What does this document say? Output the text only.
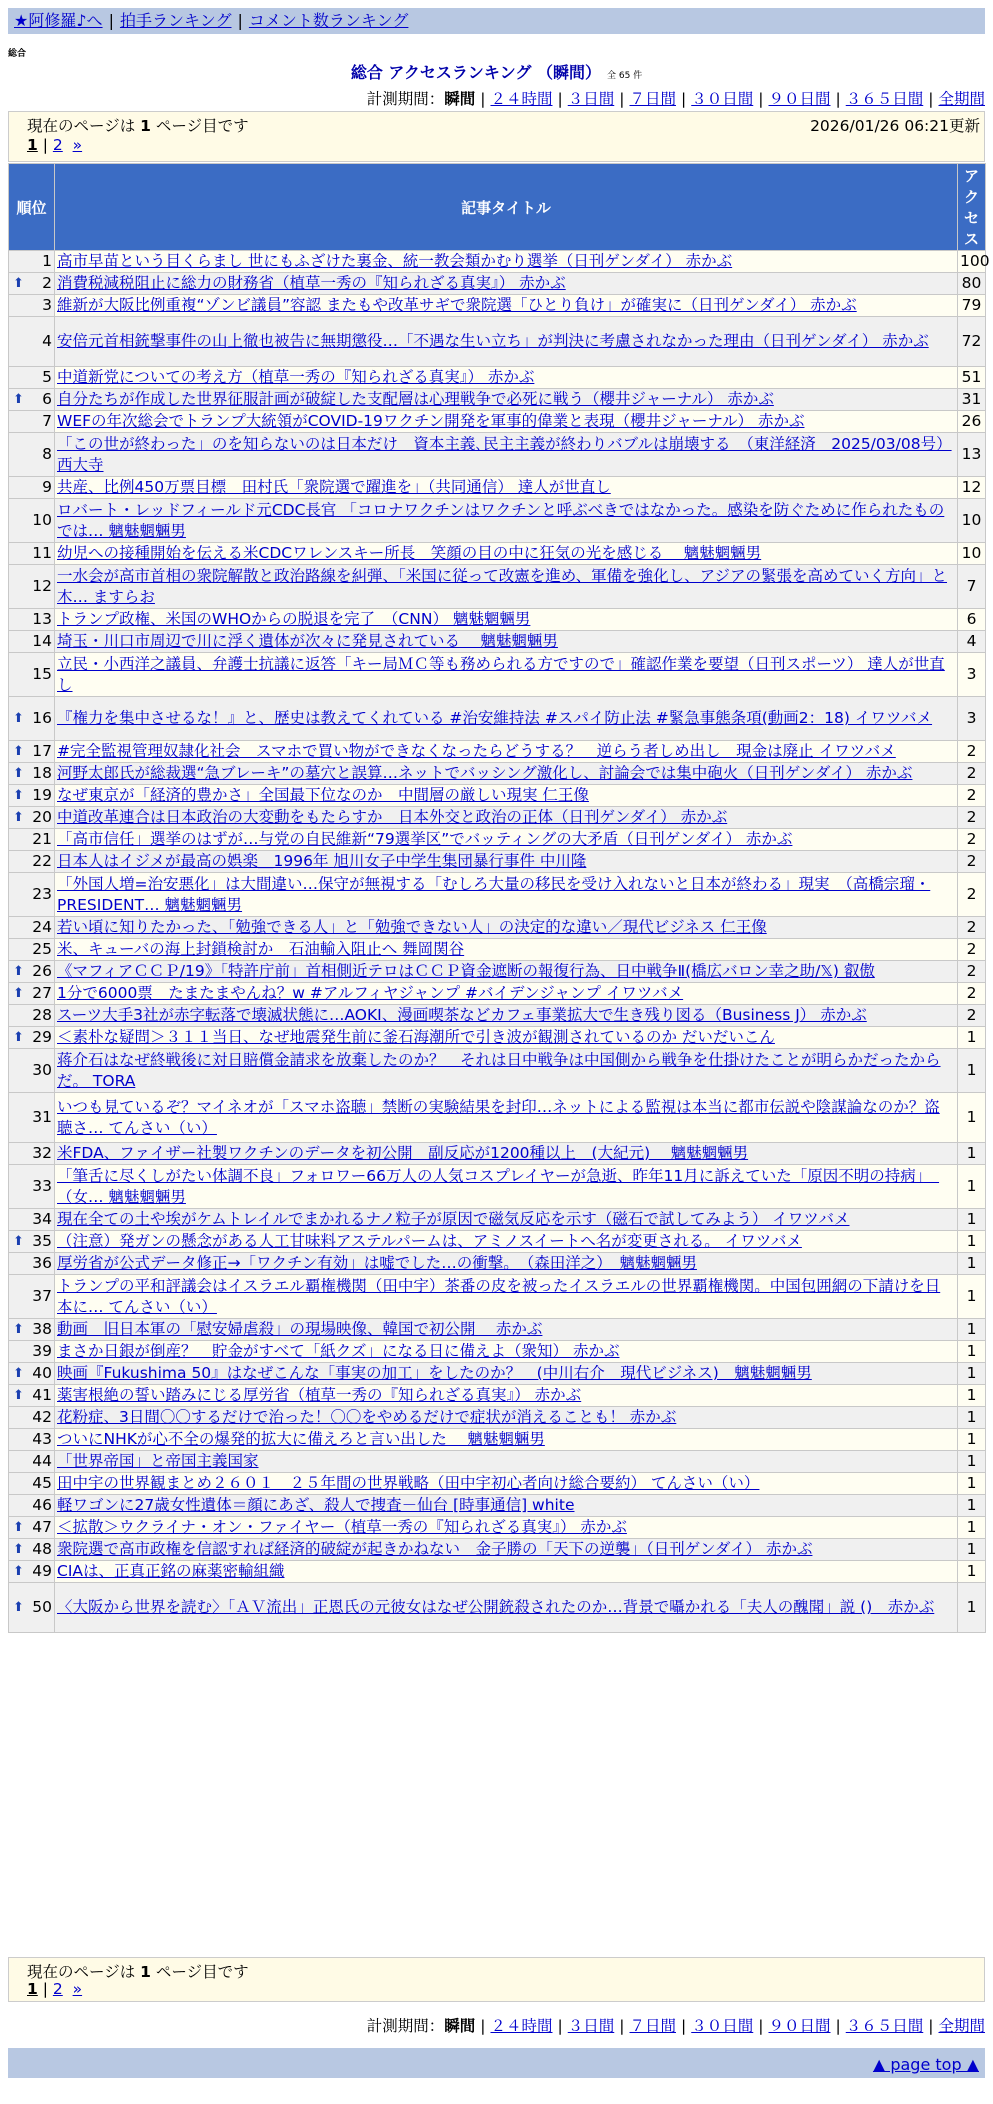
★阿修羅♪へ | 拍手ランキング | コメント数ランキング
総合
総合 アクセスランキング （瞬間） 全 65 件
計測期間：瞬間 | ２４時間 | ３日間 | ７日間 | ３０日間 | ９０日間 | ３６５日間 | 全期間
現在のページは 1 ページ目です	2026/01/26 06:21更新
1 | 2 »
順位	記事タイトル	アクセス
1	高市早苗という目くらまし 世にもふざけた裏金、統一教会類かむり選挙（日刊ゲンダイ） 赤かぶ	100

⬆ 2	消費税減税阻止に総力の財務省（植草一秀の『知られざる真実』） 赤かぶ	80
3	維新が大阪比例重複“ゾンビ議員”容認 またもや改革サギで衆院選「ひとり負け」が確実に（日刊ゲンダイ） 赤かぶ	79
4	安倍元首相銃撃事件の山上徹也被告に無期懲役…「不遇な生い立ち」が判決に考慮されなかった理由（日刊ゲンダイ） 赤かぶ	72
5	中道新党についての考え方（植草一秀の『知られざる真実』） 赤かぶ	51

⬆ 6	自分たちが作成した世界征服計画が破綻した支配層は心理戦争で必死に戦う（櫻井ジャーナル） 赤かぶ	31
7	WEFの年次総会でトランプ大統領がCOVID-19ワクチン開発を軍事的偉業と表現（櫻井ジャーナル） 赤かぶ	26
8	「この世が終わった」のを知らないのは日本だけ　資本主義､民主主義が終わりバブルは崩壊する　（東洋経済　2025/03/08号） 西大寺	13
9	共産、比例450万票目標　田村氏「衆院選で躍進を」（共同通信） 達人が世直し	12
10	ロバート・レッドフィールド元CDC長官 「コロナワクチンはワクチンと呼ぶべきではなかった。感染を防ぐために作られたものでは… 魑魅魍魎男	10
11	幼児への接種開始を伝える米CDCワレンスキー所長　笑顔の目の中に狂気の光を感じる　 魑魅魍魎男	10
12	一水会が高市首相の衆院解散と政治路線を糾弾、「米国に従って改憲を進め、軍備を強化し、アジアの緊張を高めていく方向」と木… ますらお	7
13	トランプ政権、米国のWHOからの脱退を完了　（CNN） 魑魅魍魎男	6
14	埼玉・川口市周辺で川に浮く遺体が次々に発見されている　 魑魅魍魎男	4
15	立民・小西洋之議員、弁護士抗議に返答「キー局ＭＣ等も務められる方ですので」確認作業を要望（日刊スポーツ） 達人が世直し	3

⬆ 16	『権力を集中させるな！』と、歴史は教えてくれている #治安維持法 #スパイ防止法 #緊急事態条項(動画2：18) イワツバメ	3

⬆ 17	#完全監視管理奴隷化社会　スマホで買い物ができなくなったらどうする？　逆らう者しめ出し　現金は廃止 イワツバメ	2

⬆ 18	河野太郎氏が総裁選“急ブレーキ”の墓穴と誤算…ネットでバッシング激化し、討論会では集中砲火（日刊ゲンダイ） 赤かぶ	2

⬆ 19	なぜ東京が「経済的豊かさ」全国最下位なのか　中間層の厳しい現実 仁王像	2

⬆ 20	中道改革連合は日本政治の大変動をもたらすか　日本外交と政治の正体（日刊ゲンダイ） 赤かぶ	2
21	「高市信任」選挙のはずが…与党の自民維新“79選挙区”でバッティングの大矛盾（日刊ゲンダイ） 赤かぶ	2
22	日本人はイジメが最高の娯楽＿1996年 旭川女子中学生集団暴行事件 中川隆	2
23	「外国人増=治安悪化」は大間違い…保守が無視する「むしろ大量の移民を受け入れないと日本が終わる」現実　（高橋宗瑠・PRESIDENT… 魑魅魍魎男	2
24	若い頃に知りたかった、「勉強できる人」と「勉強できない人」の決定的な違い／現代ビジネス 仁王像	2
25	米、キューバの海上封鎖検討か　石油輸入阻止へ 舞岡関谷	2

⬆ 26	《マフィアＣＣＰ/19》「特許庁前」首相側近テロはＣＣＰ資金遮断の報復行為、日中戦争Ⅱ(橋広バロン幸之助/𝕏) 叡傲	2

⬆ 27	1分で6000票　たまたまやんね？w #アルフィヤジャンプ #バイデンジャンプ イワツバメ	2
28	スーツ大手3社が赤字転落で壊滅状態に…AOKI、漫画喫茶などカフェ事業拡大で生き残り図る（Business J） 赤かぶ	2

⬆ 29	＜素朴な疑問＞３１１当日、なぜ地震発生前に釜石海潮所で引き波が観測されているのか だいだいこん	1
30	蒋介石はなぜ終戦後に対日賠償金請求を放棄したのか？　それは日中戦争は中国側から戦争を仕掛けたことが明らかだったからだ。 TORA	1
31	いつも見ているぞ？マイネオが「スマホ盗聴」禁断の実験結果を封印…ネットによる監視は本当に都市伝説や陰謀論なのか？盗聴さ… てんさい（い）	1
32	米FDA、ファイザー社製ワクチンのデータを初公開　副反応が1200種以上　(大紀元)　 魑魅魍魎男	1
33	「筆舌に尽くしがたい体調不良」フォロワー66万人の人気コスプレイヤーが急逝、昨年11月に訴えていた「原因不明の持病」　（女… 魑魅魍魎男	1
34	現在全ての土や埃がケムトレイルでまかれるナノ粒子が原因で磁気反応を示す（磁石で試してみよう） イワツバメ	1

⬆ 35	（注意）発ガンの懸念がある人工甘味料アステルパームは、アミノスイートへ名が変更される。 イワツバメ	1
36	厚労省が公式データ修正→「ワクチン有効」は嘘でした…の衝撃。　（森田洋之）　魑魅魍魎男	1
37	トランプの平和評議会はイスラエル覇権機関（田中宇）茶番の皮を被ったイスラエルの世界覇権機関。中国包囲網の下請けを日本に… てんさい（い）	1

⬆ 38	動画　旧日本軍の「慰安婦虐殺」の現場映像、韓国で初公開　 赤かぶ	1
39	まさか日銀が倒産？　貯金がすべて「紙クズ」になる日に備えよ（衆知） 赤かぶ	1

⬆ 40	映画『Fukushima 50』はなぜこんな「事実の加工」をしたのか？　(中川右介　現代ビジネス)　魑魅魍魎男	1

⬆ 41	薬害根絶の誓い踏みにじる厚労省（植草一秀の『知られざる真実』） 赤かぶ	1
42	花粉症、3日間〇〇するだけで治った！〇〇をやめるだけで症状が消えることも！ 赤かぶ	1
43	ついにNHKが心不全の爆発的拡大に備えろと言い出した　 魑魅魍魎男	1
44	「世界帝国」と帝国主義国家	1
45	田中宇の世界観まとめ２６０１　２５年間の世界戦略（田中宇初心者向け総合要約） てんさい（い）	1
46	軽ワゴンに27歳女性遺体＝顔にあざ、殺人で捜査－仙台 [時事通信] white	1

⬆ 47	＜拡散＞ウクライナ・オン・ファイヤー（植草一秀の『知られざる真実』） 赤かぶ	1

⬆ 48	衆院選で高市政権を信認すれば経済的破綻が起きかねない　金子勝の「天下の逆襲」（日刊ゲンダイ） 赤かぶ	1

⬆ 49	CIAは、正真正銘の麻薬密輸組織	1

⬆ 50	〈大阪から世界を読む〉「ＡＶ流出」正恩氏の元彼女はなぜ公開銃殺されたのか…背景で囁かれる「夫人の醜聞」説 ()　赤かぶ	1
現在のページは 1 ページ目です
1 | 2 »
計測期間：瞬間 | ２４時間 | ３日間 | ７日間 | ３０日間 | ９０日間 | ３６５日間 | 全期間
▲ page top ▲
